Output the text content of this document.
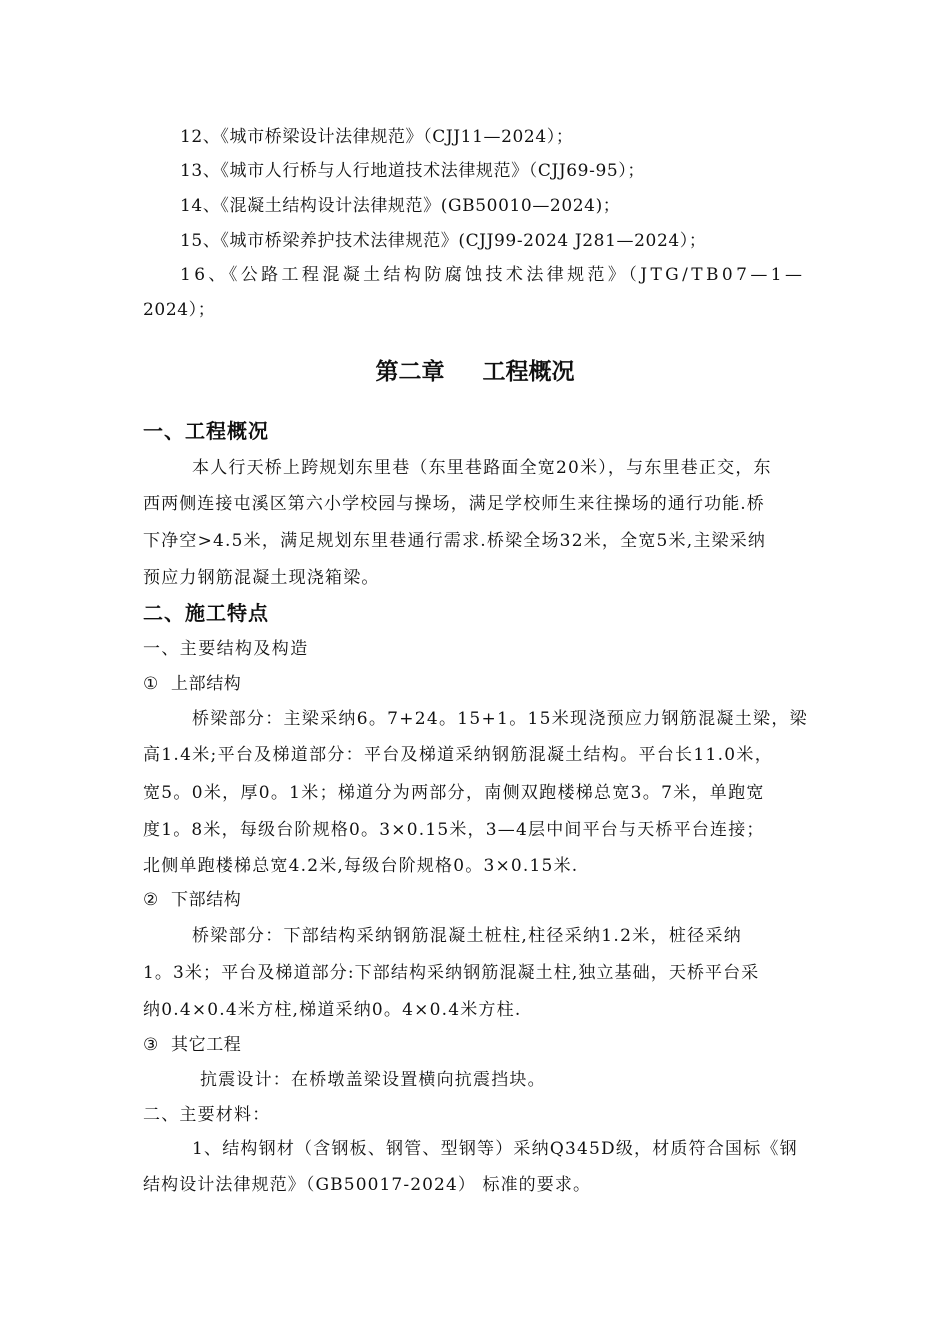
12、《城市桥梁设计法律规范》（CJJ11—2024）；
13、《城市人行桥与人行地道技术法律规范》（CJJ69-95）；
14、《混凝土结构设计法律规范》(GB50010—2024)；
15、《城市桥梁养护技术法律规范》(CJJ99-2024 J281—2024）；
16、《公路工程混凝土结构防腐蚀技术法律规范》（JTG/TB07—1—
2024）；
第二章 工程概况
一、工程概况
本人行天桥上跨规划东里巷（东里巷路面全宽20米），与东里巷正交，东
西两侧连接屯溪区第六小学校园与操场，满足学校师生来往操场的通行功能.桥
下净空>4.5米，满足规划东里巷通行需求.桥梁全场32米，全宽5米,主梁采纳
预应力钢筋混凝土现浇箱梁。
二、施工特点
一、主要结构及构造
① 上部结构
桥梁部分：主梁采纳6。7+24。15+1。15米现浇预应力钢筋混凝土梁，梁
高1.4米;平台及梯道部分：平台及梯道采纳钢筋混凝土结构。平台长11.0米，
宽5。0米，厚0。1米；梯道分为两部分，南侧双跑楼梯总宽3。7米，单跑宽
度1。8米，每级台阶规格0。3×0.15米，3—4层中间平台与天桥平台连接；
北侧单跑楼梯总宽4.2米,每级台阶规格0。3×0.15米.
② 下部结构
桥梁部分：下部结构采纳钢筋混凝土桩柱,柱径采纳1.2米，桩径采纳
1。3米；平台及梯道部分:下部结构采纳钢筋混凝土柱,独立基础，天桥平台采
纳0.4×0.4米方柱,梯道采纳0。4×0.4米方柱.
③ 其它工程
抗震设计：在桥墩盖梁设置横向抗震挡块。
二、主要材料：
1、结构钢材（含钢板、钢管、型钢等）采纳Q345D级，材质符合国标《钢
结构设计法律规范》（GB50017-2024） 标准的要求。
